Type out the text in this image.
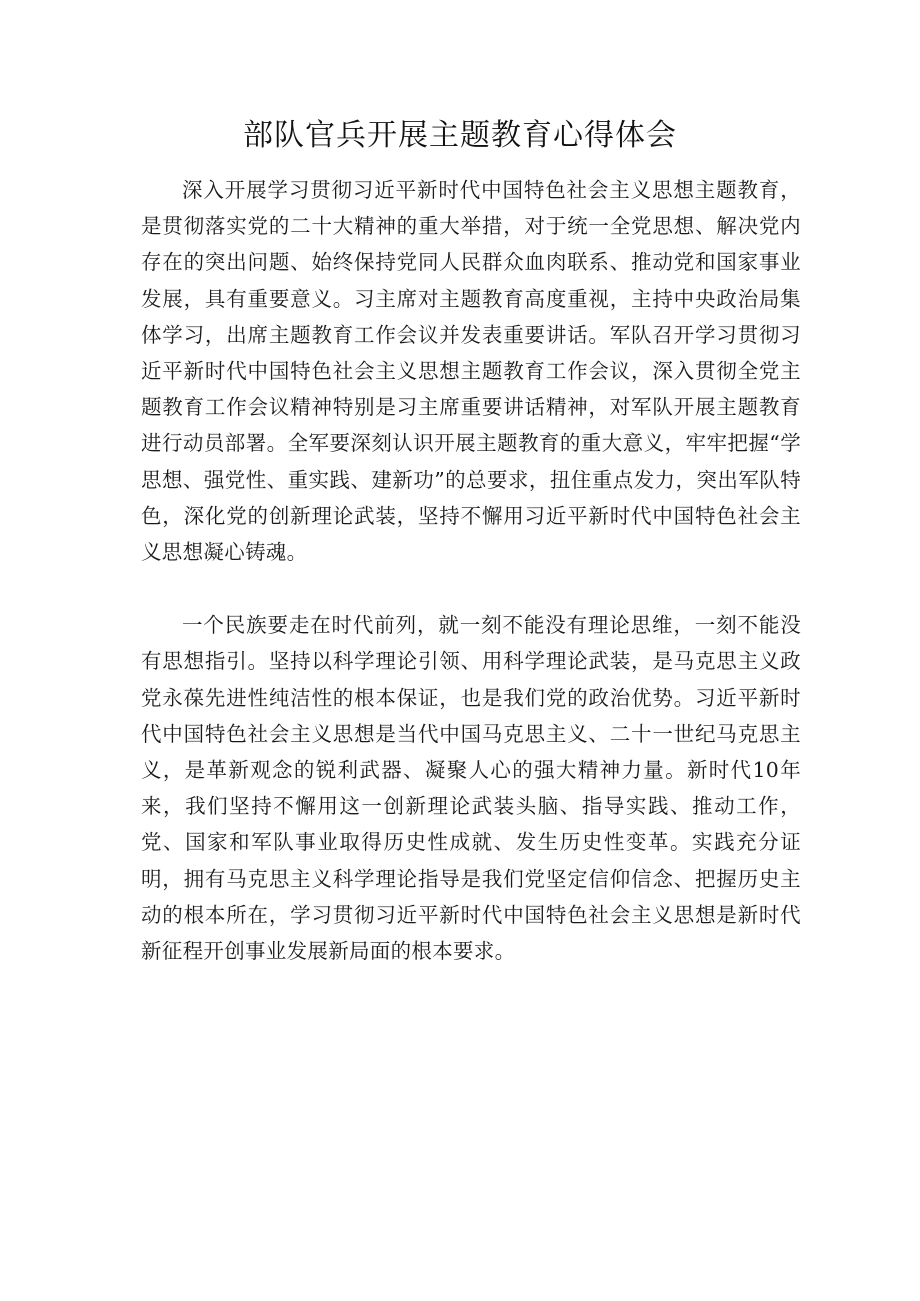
部队官兵开展主题教育心得体会

深入开展学习贯彻习近平新时代中国特色社会主义思想主题教育，是贯彻落实党的二十大精神的重大举措，对于统一全党思想、解决党内存在的突出问题、始终保持党同人民群众血肉联系、推动党和国家事业发展，具有重要意义。习主席对主题教育高度重视，主持中央政治局集体学习，出席主题教育工作会议并发表重要讲话。军队召开学习贯彻习近平新时代中国特色社会主义思想主题教育工作会议，深入贯彻全党主题教育工作会议精神特别是习主席重要讲话精神，对军队开展主题教育进行动员部署。全军要深刻认识开展主题教育的重大意义，牢牢把握“学思想、强党性、重实践、建新功”的总要求，扭住重点发力，突出军队特色，深化党的创新理论武装，坚持不懈用习近平新时代中国特色社会主义思想凝心铸魂。

一个民族要走在时代前列，就一刻不能没有理论思维，一刻不能没有思想指引。坚持以科学理论引领、用科学理论武装，是马克思主义政党永葆先进性纯洁性的根本保证，也是我们党的政治优势。习近平新时代中国特色社会主义思想是当代中国马克思主义、二十一世纪马克思主义，是革新观念的锐利武器、凝聚人心的强大精神力量。新时代10年来，我们坚持不懈用这一创新理论武装头脑、指导实践、推动工作，党、国家和军队事业取得历史性成就、发生历史性变革。实践充分证明，拥有马克思主义科学理论指导是我们党坚定信仰信念、把握历史主动的根本所在，学习贯彻习近平新时代中国特色社会主义思想是新时代新征程开创事业发展新局面的根本要求。
